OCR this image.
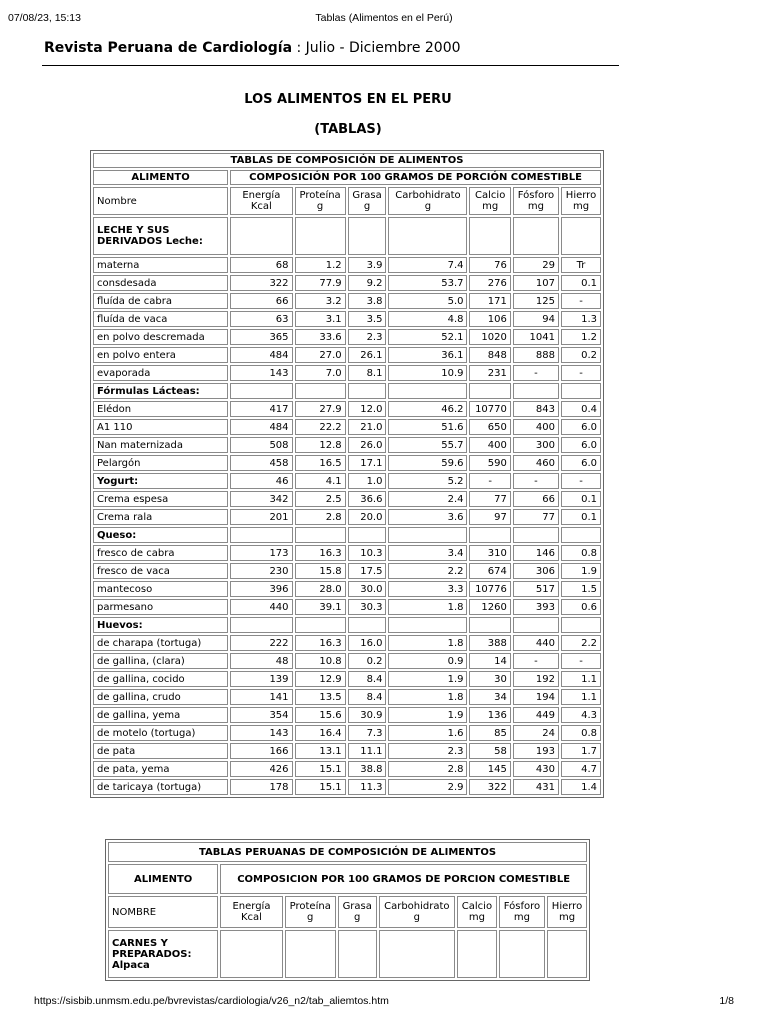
07/08/23, 15:13	Tablas (Alimentos en el Perú)
Revista Peruana de Cardiología : Julio - Diciembre 2000
LOS ALIMENTOS EN EL PERU
(TABLAS)
TABLAS DE COMPOSICIÓN DE ALIMENTOS							
ALIMENTO	COMPOSICIÓN POR 100 GRAMOS DE PORCIÓN COMESTIBLE						
Nombre	Energía Kcal	Proteína g	Grasa g	Carbohidrato g	Calcio mg	Fósforo mg	Hierro mg
LECHE Y SUS DERIVADOS Leche:							
materna	68	1.2	3.9	7.4	76	29	Tr
consdesada	322	77.9	9.2	53.7	276	107	0.1
fluída de cabra	66	3.2	3.8	5.0	171	125	-
fluída de vaca	63	3.1	3.5	4.8	106	94	1.3
en polvo descremada	365	33.6	2.3	52.1	1020	1041	1.2
en polvo entera	484	27.0	26.1	36.1	848	888	0.2
evaporada	143	7.0	8.1	10.9	231	-	-
Fórmulas Lácteas:							
Elédon	417	27.9	12.0	46.2	10770	843	0.4
A1 110	484	22.2	21.0	51.6	650	400	6.0
Nan maternizada	508	12.8	26.0	55.7	400	300	6.0
Pelargón	458	16.5	17.1	59.6	590	460	6.0
Yogurt:	46	4.1	1.0	5.2	-	-	-
Crema espesa	342	2.5	36.6	2.4	77	66	0.1
Crema rala	201	2.8	20.0	3.6	97	77	0.1
Queso:							
fresco de cabra	173	16.3	10.3	3.4	310	146	0.8
fresco de vaca	230	15.8	17.5	2.2	674	306	1.9
mantecoso	396	28.0	30.0	3.3	10776	517	1.5
parmesano	440	39.1	30.3	1.8	1260	393	0.6
Huevos:							
de charapa (tortuga)	222	16.3	16.0	1.8	388	440	2.2
de gallina, (clara)	48	10.8	0.2	0.9	14	-	-
de gallina, cocido	139	12.9	8.4	1.9	30	192	1.1
de gallina, crudo	141	13.5	8.4	1.8	34	194	1.1
de gallina, yema	354	15.6	30.9	1.9	136	449	4.3
de motelo (tortuga)	143	16.4	7.3	1.6	85	24	0.8
de pata	166	13.1	11.1	2.3	58	193	1.7
de pata, yema	426	15.1	38.8	2.8	145	430	4.7
de taricaya (tortuga)	178	15.1	11.3	2.9	322	431	1.4
TABLAS PERUANAS DE COMPOSICIÓN DE ALIMENTOS							
ALIMENTO	COMPOSICION POR 100 GRAMOS DE PORCION COMESTIBLE						
NOMBRE	Energía Kcal	Proteína g	Grasa g	Carbohidrato g	Calcio mg	Fósforo mg	Hierro mg
CARNES Y PREPARADOS: Alpaca							
https://sisbib.unmsm.edu.pe/bvrevistas/cardiologia/v26_n2/tab_aliemtos.htm	1/8
